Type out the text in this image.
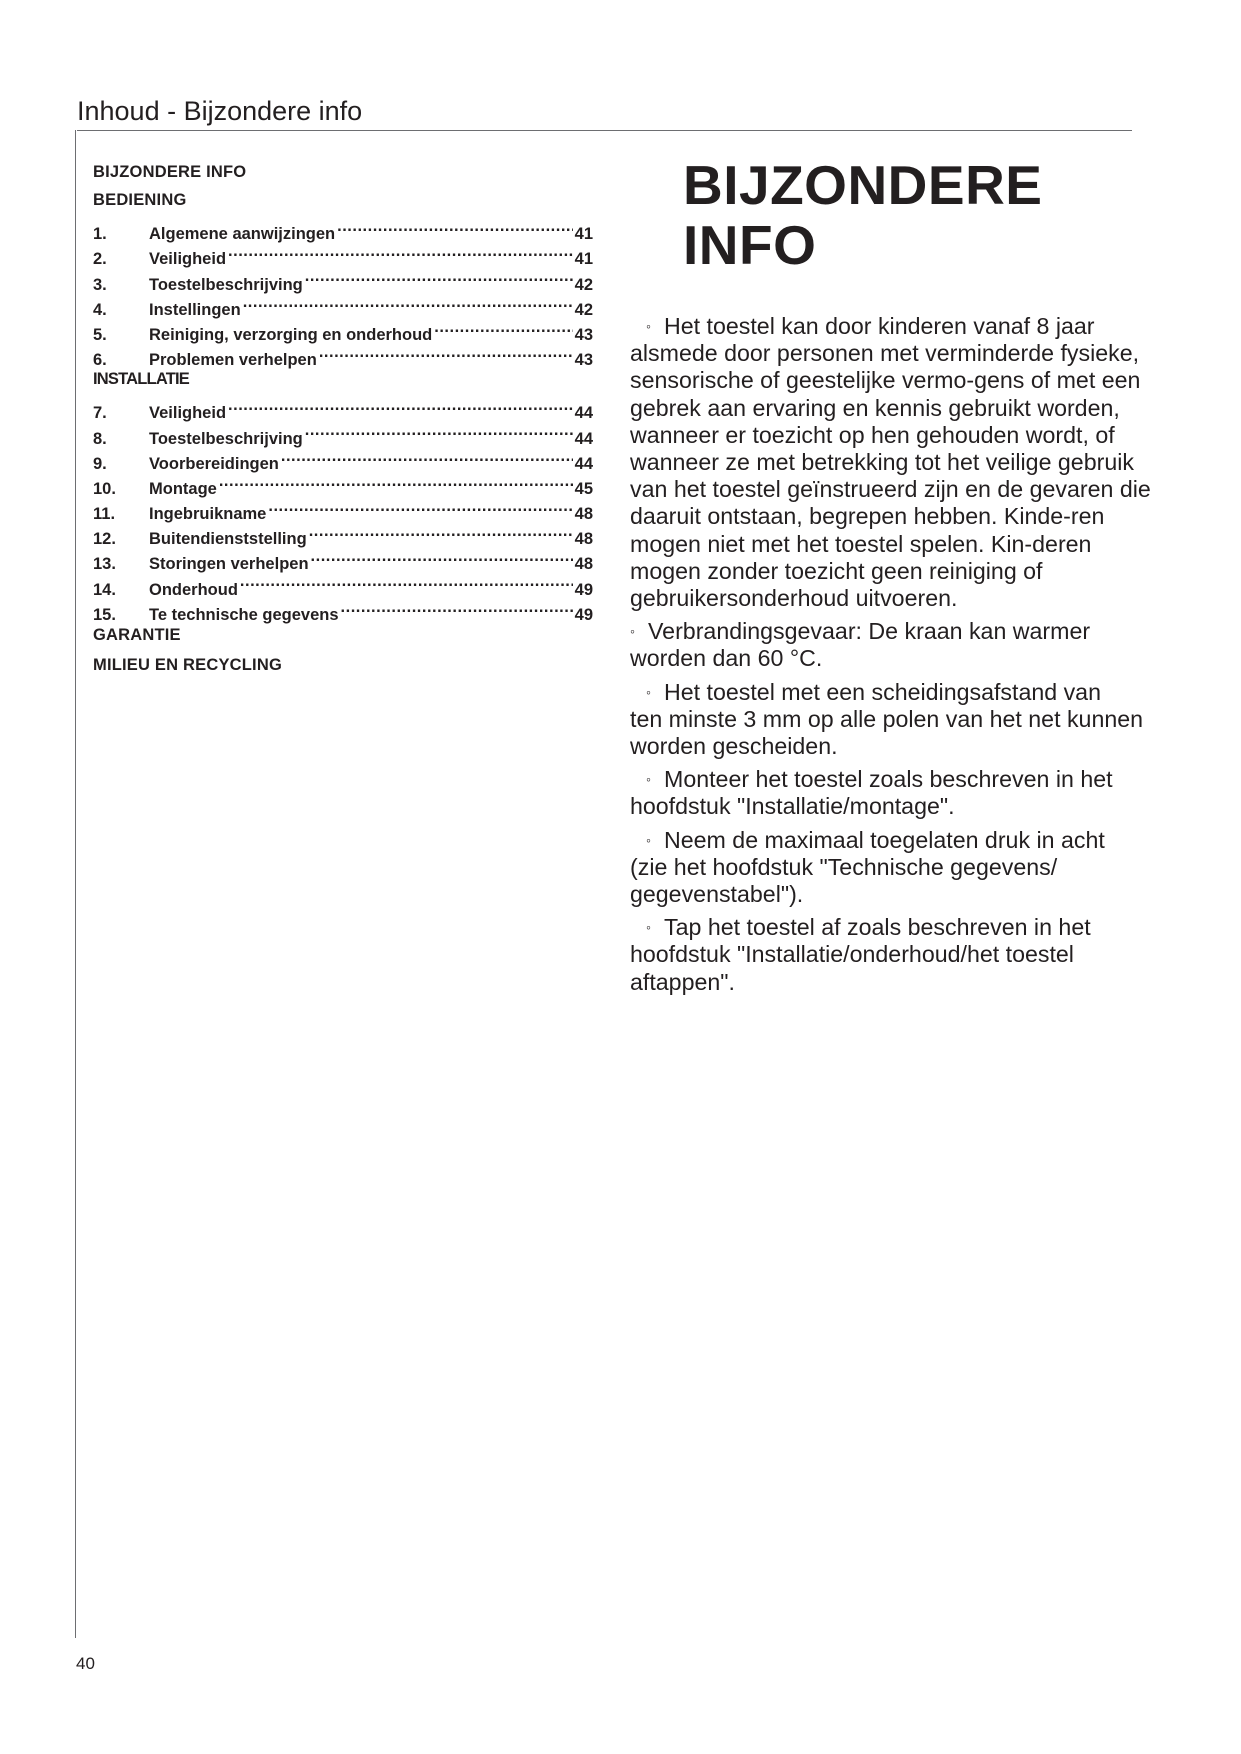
Inhoud - Bijzondere info
BIJZONDERE INFO
BEDIENING
1.	Algemene aanwijzingen .....	41
2.	Veiligheid .....	41
3.	Toestelbeschrijving .....	42
4.	Instellingen .....	42
5.	Reiniging, verzorging en onderhoud .....	43
6.	Problemen verhelpen .....	43
INSTALLATIE
7.	Veiligheid .....	44
8.	Toestelbeschrijving .....	44
9.	Voorbereidingen .....	44
10.	Montage .....	45
11.	Ingebruikname .....	48
12.	Buitendienststelling .....	48
13.	Storingen verhelpen .....	48
14.	Onderhoud .....	49
15.	Te technische gegevens .....	49
GARANTIE
MILIEU EN RECYCLING
BIJZONDERE
INFO
◦ Het toestel kan door kinderen vanaf 8 jaar
alsmede door personen met verminderde fysieke, sensorische of geestelijke vermo-gens of met een gebrek aan ervaring en kennis gebruikt worden, wanneer er toezicht op hen gehouden wordt, of wanneer ze met betrekking tot het veilige gebruik van het toestel geïnstrueerd zijn en de gevaren die daaruit ontstaan, begrepen hebben. Kinde-ren mogen niet met het toestel spelen. Kin-deren mogen zonder toezicht geen reiniging of gebruikersonderhoud uitvoeren.
◦ Verbrandingsgevaar: De kraan kan warmer
worden dan 60 °C.
◦ Het toestel met een scheidingsafstand van
ten minste 3 mm op alle polen van het net kunnen worden gescheiden.
◦ Monteer het toestel zoals beschreven in het
hoofdstuk "Installatie/montage".
◦ Neem de maximaal toegelaten druk in acht
(zie het hoofdstuk "Technische gegevens/ gegevenstabel").
◦ Tap het toestel af zoals beschreven in het
hoofdstuk "Installatie/onderhoud/het toestel aftappen".
40
